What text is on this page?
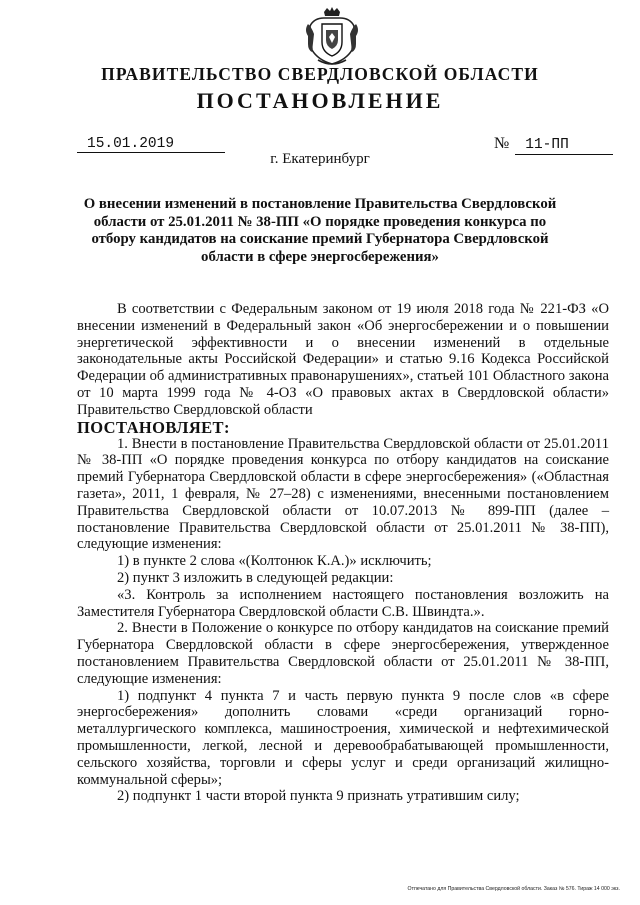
ПРАВИТЕЛЬСТВО СВЕРДЛОВСКОЙ ОБЛАСТИ
ПОСТАНОВЛЕНИЕ
15.01.2019	№ 11-ПП
г. Екатеринбург
О внесении изменений в постановление Правительства Свердловской области от 25.01.2011 № 38-ПП «О порядке проведения конкурса по отбору кандидатов на соискание премий Губернатора Свердловской области в сфере энергосбережения»

В соответствии с Федеральным законом от 19 июля 2018 года № 221-ФЗ «О внесении изменений в Федеральный закон «Об энергосбережении и о повышении энергетической эффективности и о внесении изменений в отдельные законодательные акты Российской Федерации» и статью 9.16 Кодекса Российской Федерации об административных правонарушениях», статьей 101 Областного закона от 10 марта 1999 года № 4-ОЗ «О правовых актах в Свердловской области» Правительство Свердловской области

ПОСТАНОВЛЯЕТ:

1. Внести в постановление Правительства Свердловской области от 25.01.2011 № 38-ПП «О порядке проведения конкурса по отбору кандидатов на соискание премий Губернатора Свердловской области в сфере энергосбережения» («Областная газета», 2011, 1 февраля, № 27–28) с изменениями, внесенными постановлением Правительства Свердловской области от 10.07.2013 № 899-ПП (далее – постановление Правительства Свердловской области от 25.01.2011 № 38-ПП), следующие изменения:

1) в пункте 2 слова «(Колтонюк К.А.)» исключить;

2) пункт 3 изложить в следующей редакции:

«3. Контроль за исполнением настоящего постановления возложить на Заместителя Губернатора Свердловской области С.В. Швиндта.».

2. Внести в Положение о конкурсе по отбору кандидатов на соискание премий Губернатора Свердловской области в сфере энергосбережения, утвержденное постановлением Правительства Свердловской области от 25.01.2011 № 38-ПП, следующие изменения:

1) подпункт 4 пункта 7 и часть первую пункта 9 после слов «в сфере энергосбережения» дополнить словами «среди организаций горно-металлургического комплекса, машиностроения, химической и нефтехимической промышленности, легкой, лесной и деревообрабатывающей промышленности, сельского хозяйства, торговли и сферы услуг и среди организаций жилищно-коммунальной сферы»;

2) подпункт 1 части второй пункта 9 признать утратившим силу;

Отпечатано для Правительства Свердловской области. Заказ № 576. Тираж 14 000 экз.
